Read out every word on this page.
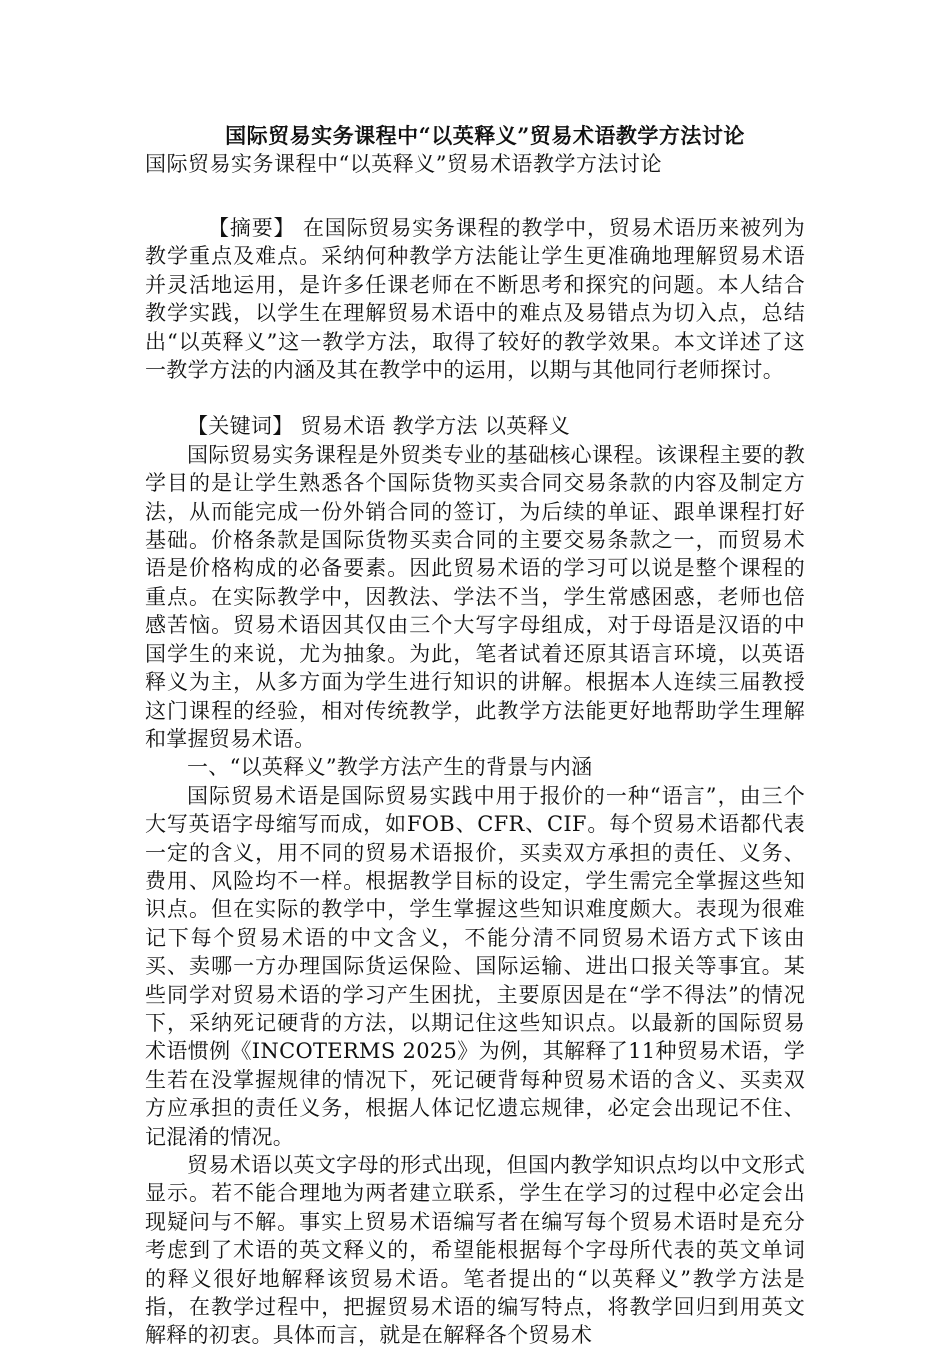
国际贸易实务课程中“以英释义”贸易术语教学方法讨论
国际贸易实务课程中“以英释义”贸易术语教学方法讨论

【摘要】 在国际贸易实务课程的教学中，贸易术语历来被列为教学重点及难点。采纳何种教学方法能让学生更准确地理解贸易术语并灵活地运用，是许多任课老师在不断思考和探究的问题。本人结合教学实践，以学生在理解贸易术语中的难点及易错点为切入点，总结出“以英释义”这一教学方法，取得了较好的教学效果。本文详述了这一教学方法的内涵及其在教学中的运用，以期与其他同行老师探讨。

【关键词】 贸易术语 教学方法 以英释义

国际贸易实务课程是外贸类专业的基础核心课程。该课程主要的教学目的是让学生熟悉各个国际货物买卖合同交易条款的内容及制定方法，从而能完成一份外销合同的签订，为后续的单证、跟单课程打好基础。价格条款是国际货物买卖合同的主要交易条款之一，而贸易术语是价格构成的必备要素。因此贸易术语的学习可以说是整个课程的重点。在实际教学中，因教法、学法不当，学生常感困惑，老师也倍感苦恼。贸易术语因其仅由三个大写字母组成，对于母语是汉语的中国学生的来说，尤为抽象。为此，笔者试着还原其语言环境，以英语释义为主，从多方面为学生进行知识的讲解。根据本人连续三届教授这门课程的经验，相对传统教学，此教学方法能更好地帮助学生理解和掌握贸易术语。

一、“以英释义”教学方法产生的背景与内涵

国际贸易术语是国际贸易实践中用于报价的一种“语言”，由三个大写英语字母缩写而成，如FOB、CFR、CIF。每个贸易术语都代表一定的含义，用不同的贸易术语报价，买卖双方承担的责任、义务、费用、风险均不一样。根据教学目标的设定，学生需完全掌握这些知识点。但在实际的教学中，学生掌握这些知识难度颇大。表现为很难记下每个贸易术语的中文含义，不能分清不同贸易术语方式下该由买、卖哪一方办理国际货运保险、国际运输、进出口报关等事宜。某些同学对贸易术语的学习产生困扰，主要原因是在“学不得法”的情况下，采纳死记硬背的方法，以期记住这些知识点。以最新的国际贸易术语惯例《INCOTERMS 2025》为例，其解释了11种贸易术语，学生若在没掌握规律的情况下，死记硬背每种贸易术语的含义、买卖双方应承担的责任义务，根据人体记忆遗忘规律，必定会出现记不住、记混淆的情况。

贸易术语以英文字母的形式出现，但国内教学知识点均以中文形式显示。若不能合理地为两者建立联系，学生在学习的过程中必定会出现疑问与不解。事实上贸易术语编写者在编写每个贸易术语时是充分考虑到了术语的英文释义的，希望能根据每个字母所代表的英文单词的释义很好地解释该贸易术语。笔者提出的“以英释义”教学方法是指，在教学过程中，把握贸易术语的编写特点，将教学回归到用英文解释的初衷。具体而言，就是在解释各个贸易术
